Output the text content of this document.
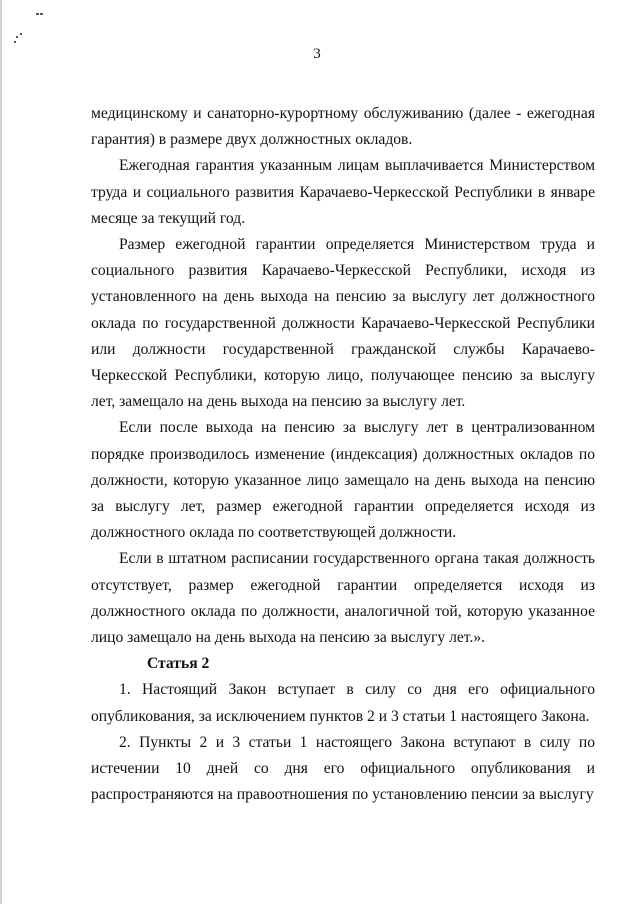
3

медицинскому и санаторно-курортному обслуживанию (далее - ежегодная гарантия) в размере двух должностных окладов.

Ежегодная гарантия указанным лицам выплачивается Министерством труда и социального развития Карачаево-Черкесской Республики в январе месяце за текущий год.

Размер ежегодной гарантии определяется Министерством труда и социального развития Карачаево-Черкесской Республики, исходя из установленного на день выхода на пенсию за выслугу лет должностного оклада по государственной должности Карачаево-Черкесской Республики или должности государственной гражданской службы Карачаево-Черкесской Республики, которую лицо, получающее пенсию за выслугу лет, замещало на день выхода на пенсию за выслугу лет.

Если после выхода на пенсию за выслугу лет в централизованном порядке производилось изменение (индексация) должностных окладов по должности, которую указанное лицо замещало на день выхода на пенсию за выслугу лет, размер ежегодной гарантии определяется исходя из должностного оклада по соответствующей должности.

Если в штатном расписании государственного органа такая должность отсутствует, размер ежегодной гарантии определяется исходя из должностного оклада по должности, аналогичной той, которую указанное лицо замещало на день выхода на пенсию за выслугу лет.».

Статья 2

1. Настоящий Закон вступает в силу со дня его официального опубликования, за исключением пунктов 2 и 3 статьи 1 настоящего Закона.

2. Пункты 2 и 3 статьи 1 настоящего Закона вступают в силу по истечении 10 дней со дня его официального опубликования и распространяются на правоотношения по установлению пенсии за выслугу
